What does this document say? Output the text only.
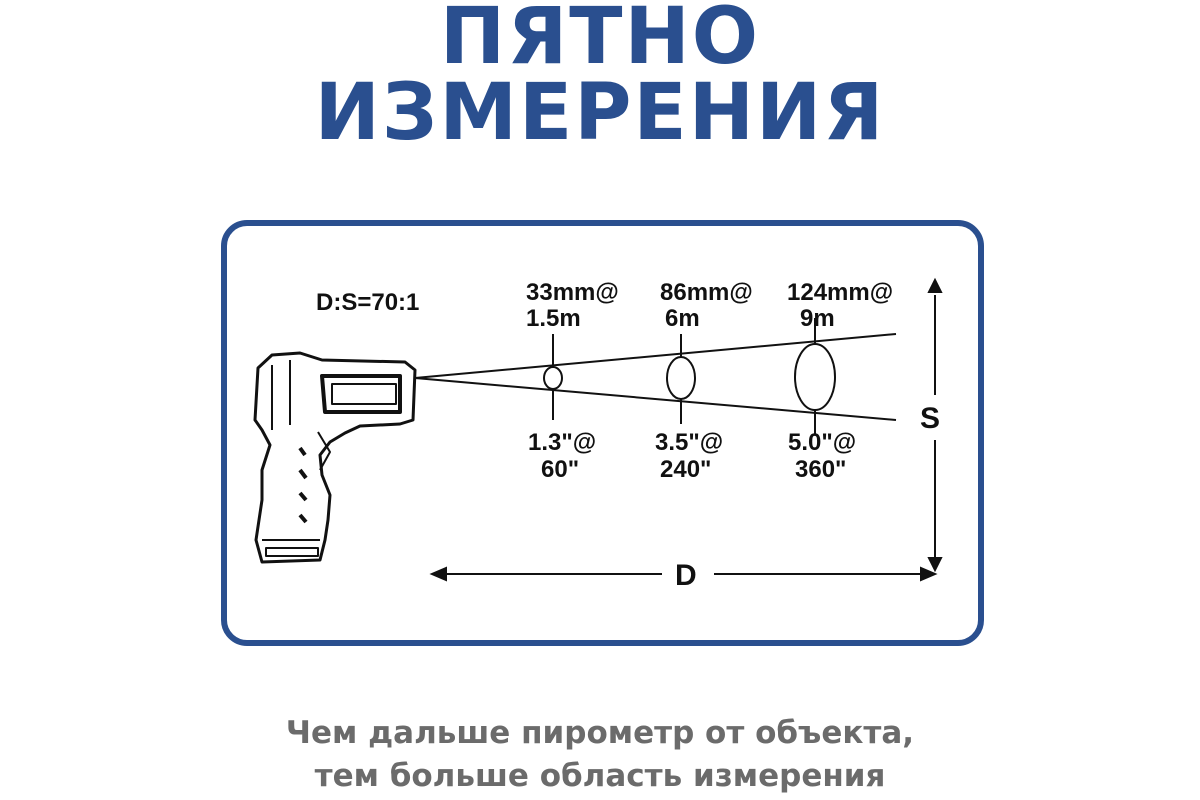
ПЯТНО
ИЗМЕРЕНИЯ
D:S=70:1	33mm@
1.5m
86mm@
6m
124mm@
9m
1.3"@
60"
3.5"@
240"
5.0"@
360"
S
D
Чем дальше пирометр от объекта,
тем больше область измерения
